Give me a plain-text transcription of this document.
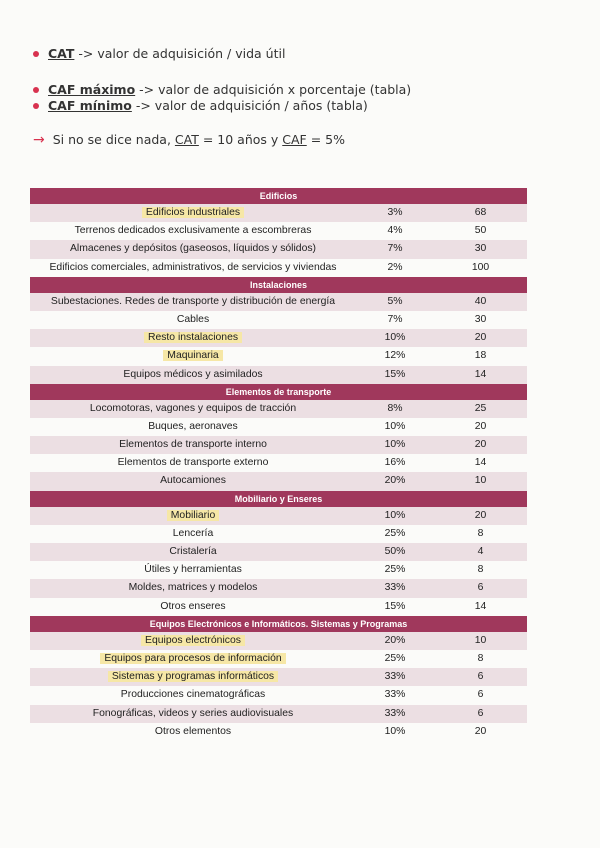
CAT -> valor de adquisición / vida útil
CAF máximo -> valor de adquisición x porcentaje (tabla)
CAF mínimo -> valor de adquisición / años (tabla)
→ Si no se dice nada, CAT = 10 años y CAF = 5%
Edificios
Edificios industriales	3%	68
Terrenos dedicados exclusivamente a escombreras	4%	50
Almacenes y depósitos (gaseosos, líquidos y sólidos)	7%	30
Edificios comerciales, administrativos, de servicios y viviendas	2%	100
Instalaciones
Subestaciones. Redes de transporte y distribución de energía	5%	40
Cables	7%	30
Resto instalaciones	10%	20
Maquinaria	12%	18
Equipos médicos y asimilados	15%	14
Elementos de transporte
Locomotoras, vagones y equipos de tracción	8%	25
Buques, aeronaves	10%	20
Elementos de transporte interno	10%	20
Elementos de transporte externo	16%	14
Autocamiones	20%	10
Mobiliario y Enseres
Mobiliario	10%	20
Lencería	25%	8
Cristalería	50%	4
Útiles y herramientas	25%	8
Moldes, matrices y modelos	33%	6
Otros enseres	15%	14
Equipos Electrónicos e Informáticos. Sistemas y Programas
Equipos electrónicos	20%	10
Equipos para procesos de información	25%	8
Sistemas y programas informáticos	33%	6
Producciones cinematográficas	33%	6
Fonográficas, videos y series audiovisuales	33%	6
Otros elementos	10%	20
